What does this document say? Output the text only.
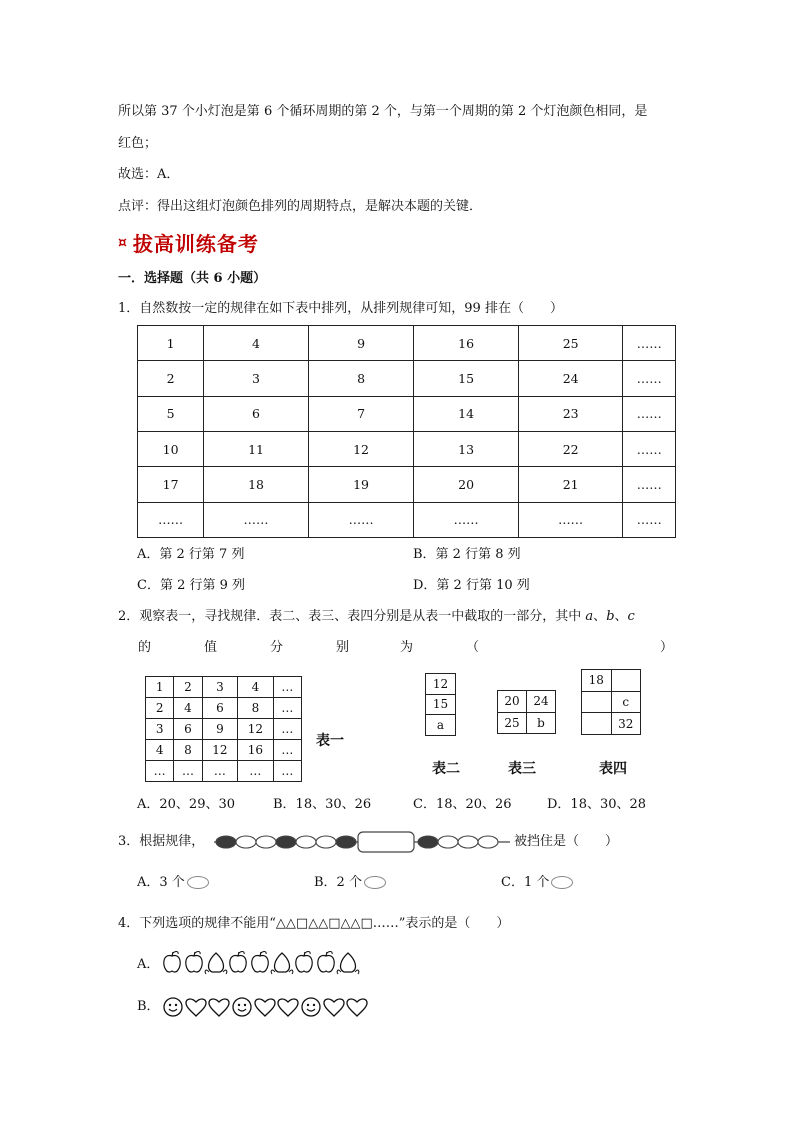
所以第 37 个小灯泡是第 6 个循环周期的第 2 个，与第一个周期的第 2 个灯泡颜色相同，是
红色；
故选：A．
点评：得出这组灯泡颜色排列的周期特点，是解决本题的关键．
¤ 拔高训练备考
一．选择题（共 6 小题）
1．自然数按一定的规律在如下表中排列，从排列规律可知，99 排在（　　）
1	4	9	16	25	……
2	3	8	15	24	……
5	6	7	14	23	……
10	11	12	13	22	……
17	18	19	20	21	……
……	……	……	……	……	……
A．第 2 行第 7 列	B．第 2 行第 8 列
C．第 2 行第 9 列	D．第 2 行第 10 列
2．观察表一，寻找规律．表二、表三、表四分别是从表一中截取的一部分，其中 a、b、c
的	值	分	别	为	（	）
1	2	3	4	…
2	4	6	8	…
3	6	9	12	…
4	8	12	16	…
…	…	…	…	…
表一
12
15
a
表二
20	24
25	b
表三
18	
	c
	32
表四
A．20、29、30	B．18、30、26	C．18、20、26	D．18、30、28
3．根据规律，	被挡住是（　　）
A．3 个	B．2 个	C．1 个
4．下列选项的规律不能用“△△□△△□△△□……”表示的是（　　）
A．
B．
